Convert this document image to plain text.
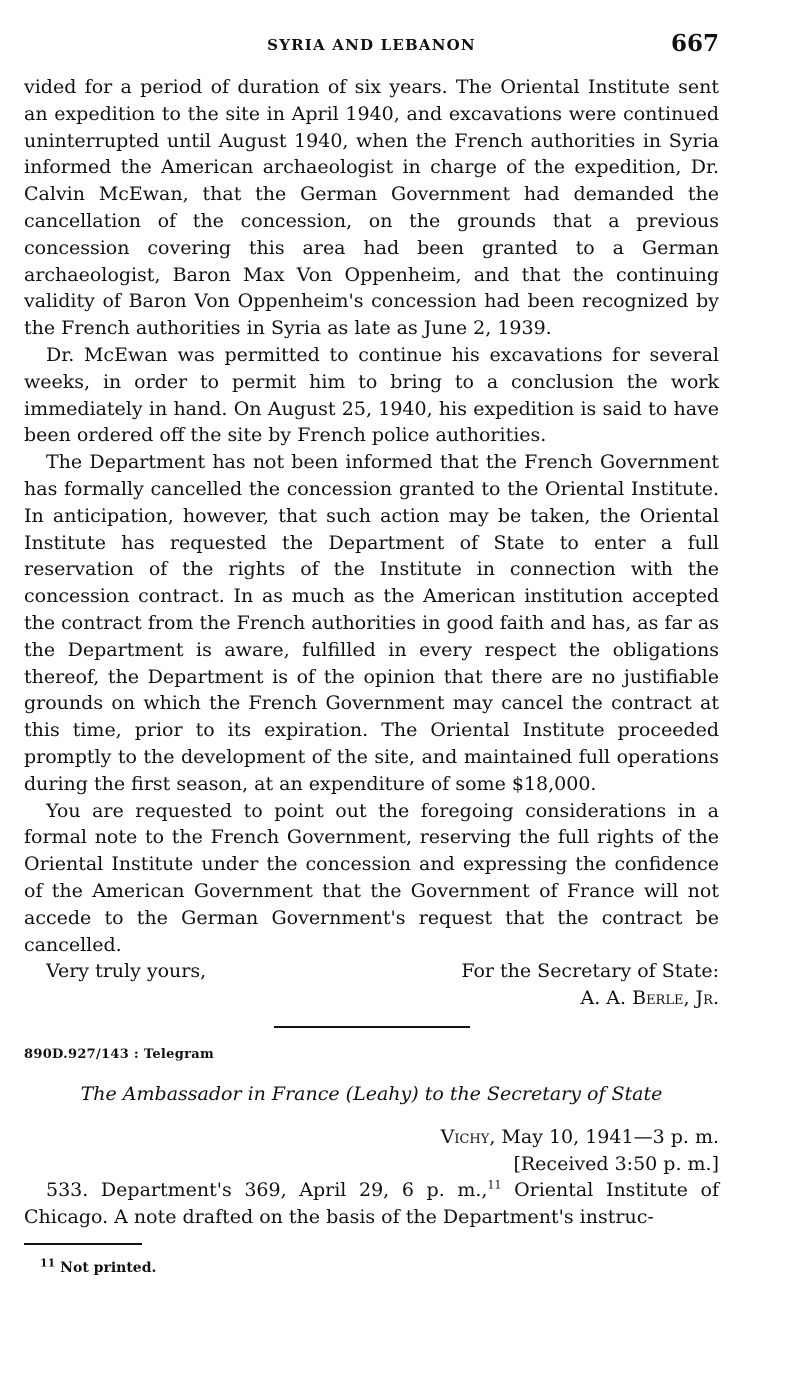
SYRIA AND LEBANON	667

vided for a period of duration of six years. The Oriental Institute sent an expedition to the site in April 1940, and excavations were continued uninterrupted until August 1940, when the French authorities in Syria informed the American archaeologist in charge of the expedition, Dr. Calvin McEwan, that the German Government had demanded the cancellation of the concession, on the grounds that a previous concession covering this area had been granted to a German archaeologist, Baron Max Von Oppenheim, and that the continuing validity of Baron Von Oppenheim's concession had been recognized by the French authorities in Syria as late as June 2, 1939.

Dr. McEwan was permitted to continue his excavations for several weeks, in order to permit him to bring to a conclusion the work immediately in hand. On August 25, 1940, his expedition is said to have been ordered off the site by French police authorities.

The Department has not been informed that the French Government has formally cancelled the concession granted to the Oriental Institute. In anticipation, however, that such action may be taken, the Oriental Institute has requested the Department of State to enter a full reservation of the rights of the Institute in connection with the concession contract. In as much as the American institution accepted the contract from the French authorities in good faith and has, as far as the Department is aware, fulfilled in every respect the obligations thereof, the Department is of the opinion that there are no justifiable grounds on which the French Government may cancel the contract at this time, prior to its expiration. The Oriental Institute proceeded promptly to the development of the site, and maintained full operations during the first season, at an expenditure of some $18,000.

You are requested to point out the foregoing considerations in a formal note to the French Government, reserving the full rights of the Oriental Institute under the concession and expressing the confidence of the American Government that the Government of France will not accede to the German Government's request that the contract be cancelled.

Very truly yours,	For the Secretary of State:
A. A. Berle, Jr.
890D.927/143 : Telegram
The Ambassador in France (Leahy) to the Secretary of State
Vichy, May 10, 1941—3 p. m.
[Received 3:50 p. m.]

533. Department's 369, April 29, 6 p. m.,$^{11}$ Oriental Institute of Chicago. A note drafted on the basis of the Department's instruc-

$^{11}$ Not printed.
